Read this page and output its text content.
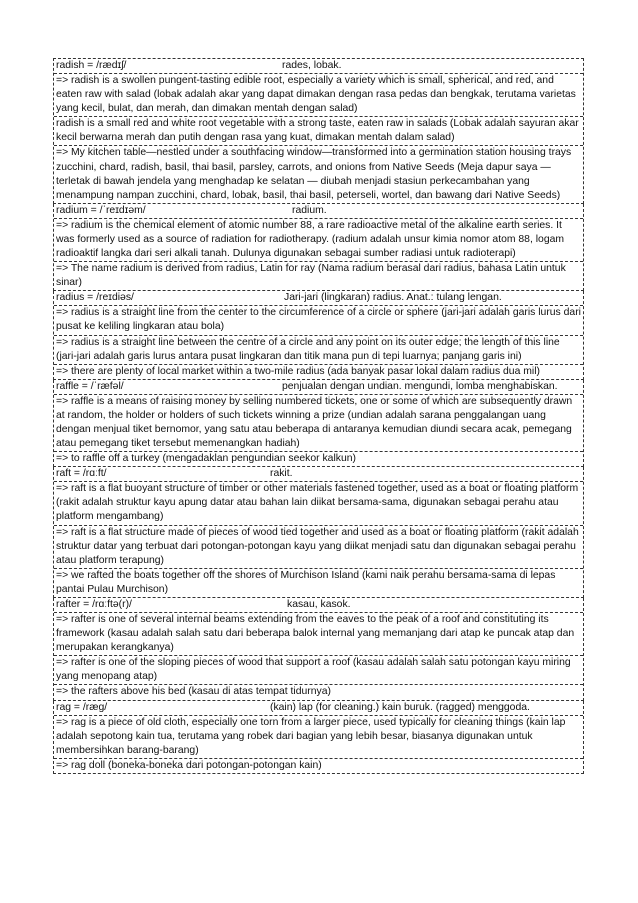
radish = /rædɪʃ/	rades, lobak.
=> radish is a swollen pungent-tasting edible root, especially a variety which is small, spherical, and red, and eaten raw with salad (lobak adalah akar yang dapat dimakan dengan rasa pedas dan bengkak, terutama varietas yang kecil, bulat, dan merah, dan dimakan mentah dengan salad)
radish is a small red and white root vegetable with a strong taste, eaten raw in salads (Lobak adalah sayuran akar kecil berwarna merah dan putih dengan rasa yang kuat, dimakan mentah dalam salad)
=> My kitchen table—nestled under a southfacing window—transformed into a germination station housing trays zucchini, chard, radish, basil, thai basil, parsley, carrots, and onions from Native Seeds (Meja dapur saya — terletak di bawah jendela yang menghadap ke selatan — diubah menjadi stasiun perkecambahan yang menampung nampan zucchini, chard, lobak, basil, thai basil, peterseli, wortel, dan bawang dari Native Seeds)
radium = /ˈreɪdɪəm/	radium.
=> radium is the chemical element of atomic number 88, a rare radioactive metal of the alkaline earth series. It was formerly used as a source of radiation for radiotherapy. (radium adalah unsur kimia nomor atom 88, logam radioaktif langka dari seri alkali tanah. Dulunya digunakan sebagai sumber radiasi untuk radioterapi)
=> The name radium is derived from radius, Latin for ray (Nama radium berasal dari radius, bahasa Latin untuk sinar)
radius = /reɪdiəs/	Jari-jari (lingkaran) radius. Anat.: tulang lengan.
=> radius is a straight line from the center to the circumference of a circle or sphere (jari-jari adalah garis lurus dari pusat ke keliling lingkaran atau bola)
=> radius is a straight line between the centre of a circle and any point on its outer edge; the length of this line (jari-jari adalah garis lurus antara pusat lingkaran dan titik mana pun di tepi luarnya; panjang garis ini)
=> there are plenty of local market within a two-mile radius (ada banyak pasar lokal dalam radius dua mil)
raffle = /ˈræfəl/	penjualan dengan undian. mengundi, lomba menghabiskan.
=> raffle is a means of raising money by selling numbered tickets, one or some of which are subsequently drawn at random, the holder or holders of such tickets winning a prize (undian adalah sarana penggalangan uang dengan menjual tiket bernomor, yang satu atau beberapa di antaranya kemudian diundi secara acak, pemegang atau pemegang tiket tersebut memenangkan hadiah)
=> to raffle off a turkey (mengadaklan pengundian seekor kalkun)
raft = /rɑːft/	rakit.
=> raft is a flat buoyant structure of timber or other materials fastened together, used as a boat or floating platform (rakit adalah struktur kayu apung datar atau bahan lain diikat bersama-sama, digunakan sebagai perahu atau platform mengambang)
=> raft is a flat structure made of pieces of wood tied together and used as a boat or floating platform (rakit adalah struktur datar yang terbuat dari potongan-potongan kayu yang diikat menjadi satu dan digunakan sebagai perahu atau platform terapung)
=> we rafted the boats together off the shores of Murchison Island (kami naik perahu bersama-sama di lepas pantai Pulau Murchison)
rafter = /rɑːftə(r)/	kasau, kasok.
=> rafter is one of several internal beams extending from the eaves to the peak of a roof and constituting its framework (kasau adalah salah satu dari beberapa balok internal yang memanjang dari atap ke puncak atap dan merupakan kerangkanya)
=> rafter is one of the sloping pieces of wood that support a roof (kasau adalah salah satu potongan kayu miring yang menopang atap)
=> the rafters above his bed (kasau di atas tempat tidurnya)
rag = /ræg/	(kain) lap (for cleaning.) kain buruk. (ragged) menggoda.
=> rag is a piece of old cloth, especially one torn from a larger piece, used typically for cleaning things (kain lap adalah sepotong kain tua, terutama yang robek dari bagian yang lebih besar, biasanya digunakan untuk membersihkan barang-barang)
=> rag doll (boneka-boneka dari potongan-potongan kain)
